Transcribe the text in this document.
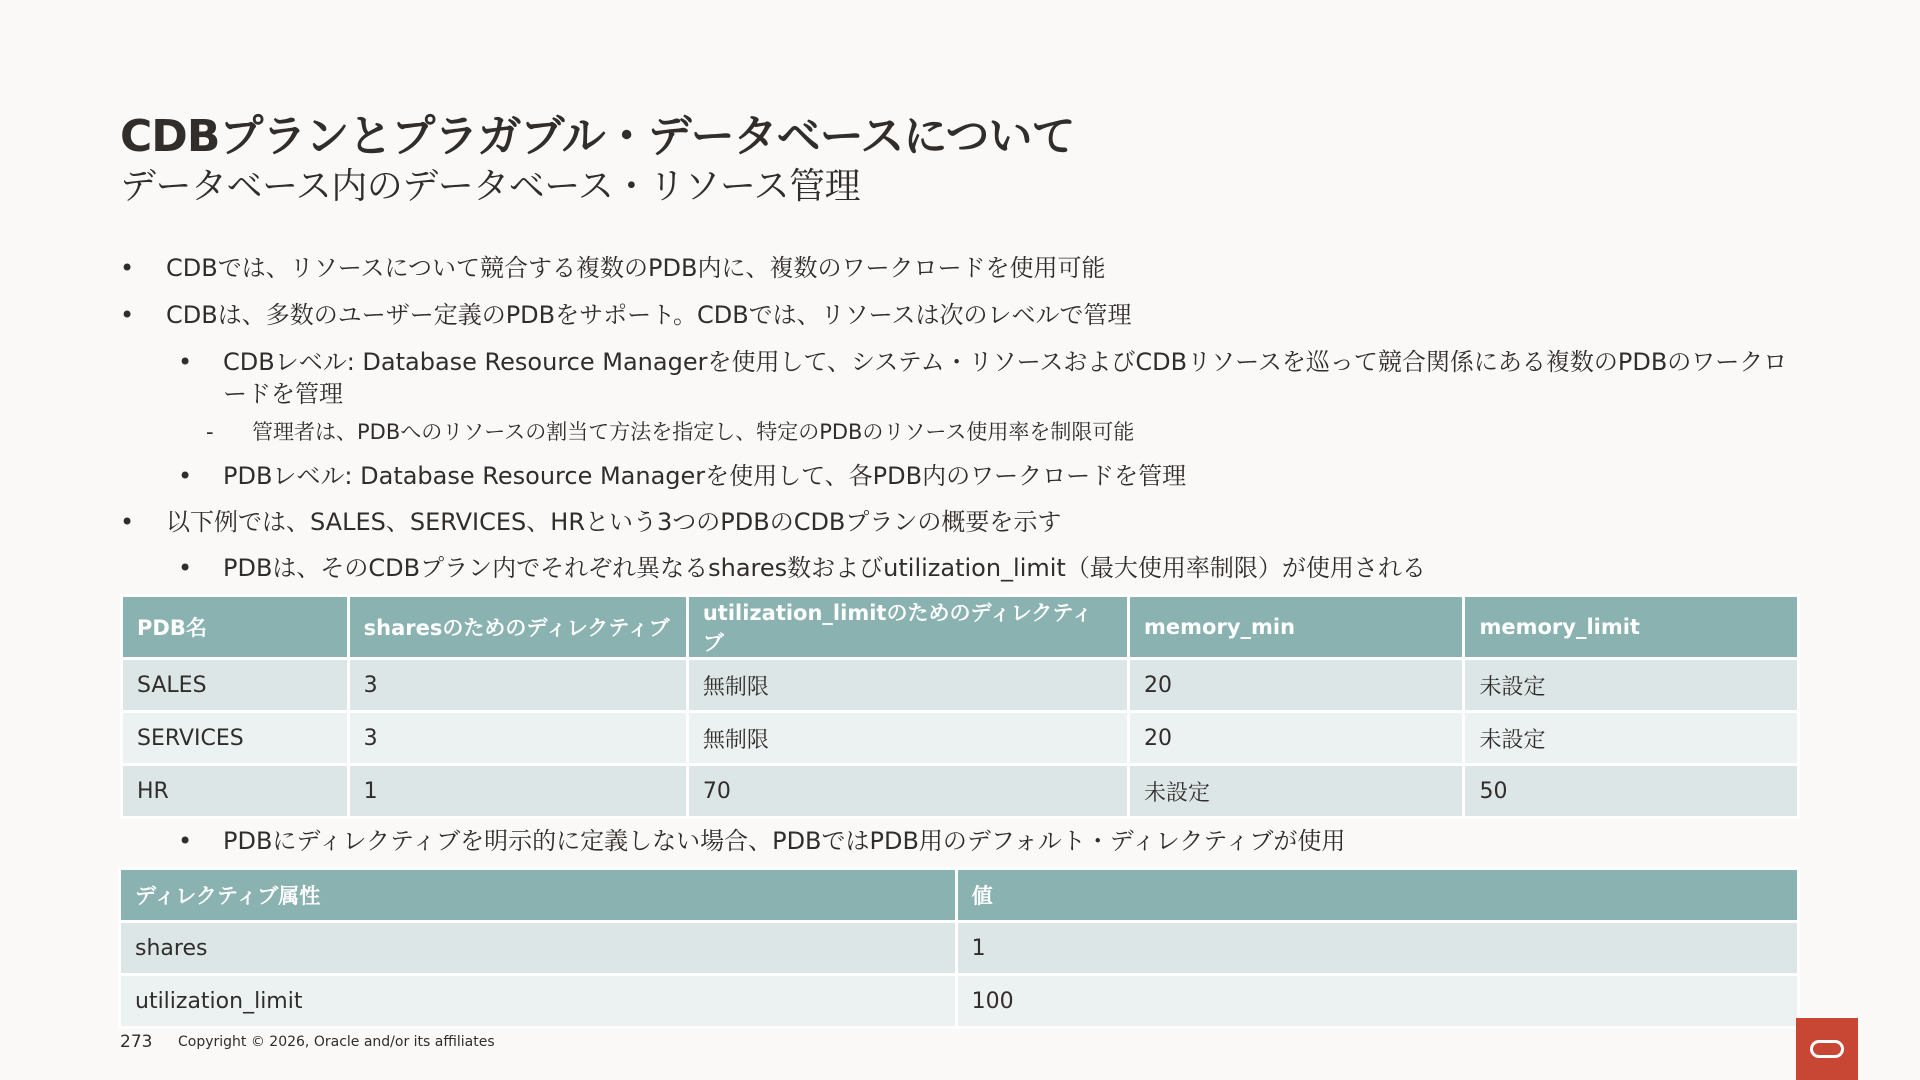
CDBプランとプラガブル・データベースについて
データベース内のデータベース・リソース管理
•	CDBでは、リソースについて競合する複数のPDB内に、複数のワークロードを使用可能
•	CDBは、多数のユーザー定義のPDBをサポート。CDBでは、リソースは次のレベルで管理
•	CDBレベル: Database Resource Managerを使用して、システム・リソースおよびCDBリソースを巡って競合関係にある複数のPDBのワークロードを管理
-	管理者は、PDBへのリソースの割当て方法を指定し、特定のPDBのリソース使用率を制限可能
•	PDBレベル: Database Resource Managerを使用して、各PDB内のワークロードを管理
•	以下例では、SALES、SERVICES、HRという3つのPDBのCDBプランの概要を示す
•	PDBは、そのCDBプラン内でそれぞれ異なるshares数およびutilization_limit（最大使用率制限）が使用される
PDB名	sharesのためのディレクティブ	utilization_limitのためのディレクティブ	memory_min	memory_limit
SALES	3	無制限	20	未設定
SERVICES	3	無制限	20	未設定
HR	1	70	未設定	50
•	PDBにディレクティブを明示的に定義しない場合、PDBではPDB用のデフォルト・ディレクティブが使用
ディレクティブ属性	値
shares	1
utilization_limit	100
273 Copyright © 2026, Oracle and/or its affiliates
